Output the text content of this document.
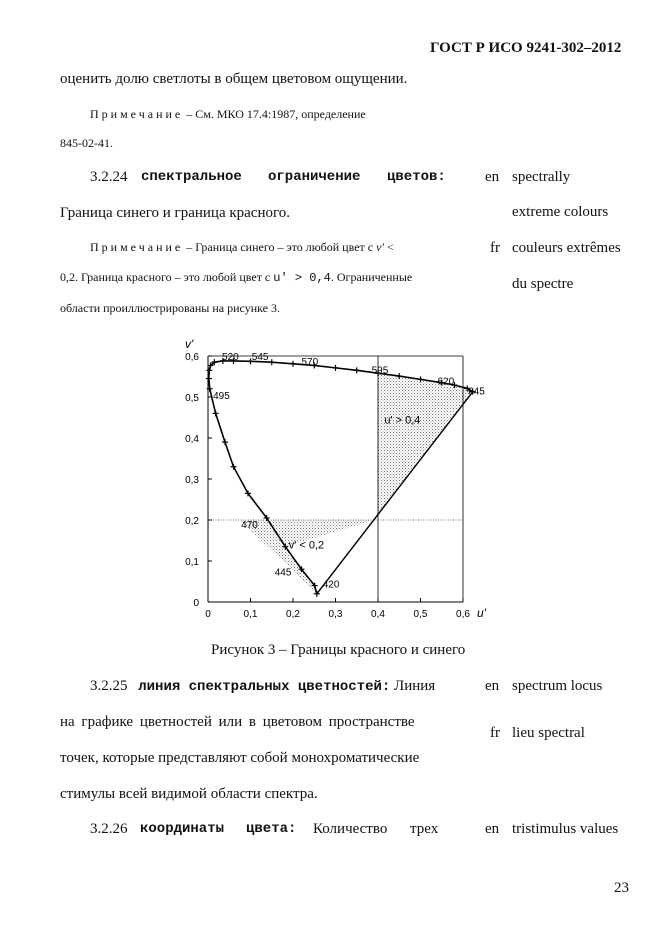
ГОСТ Р ИСО 9241-302–2012
оценить долю светлоты в общем цветовом ощущении.
Примечание – См. МКО 17.4:1987, определение
845-02-41.
3.2.24 спектральное ограничение цветов:
Граница синего и граница красного.
en spectrally
extreme colours
fr couleurs extrêmes
du spectre
Примечание – Граница синего – это любой цвет с v' <
0,2. Граница красного – это любой цвет с u' > 0,4. Ограниченные
области проиллюстрированы на рисунке 3.
0	0,1	0,2	0,3	0,4	0,5	0,6
0
0,1
0,2
0,3
0,4
0,5
0,6
u'
v'
520 545	570
595
620
645
495
470
445
420
u' > 0,4
v' < 0,2
Рисунок 3 – Границы красного и синего
3.2.25 линия спектральных цветностей: Линия
на графике цветностей или в цветовом пространстве
точек, которые представляют собой монохроматические
стимулы всей видимой области спектра.
en spectrum locus
fr lieu spectral
3.2.26 координаты цвета: Количество трех	en tristimulus values
23
